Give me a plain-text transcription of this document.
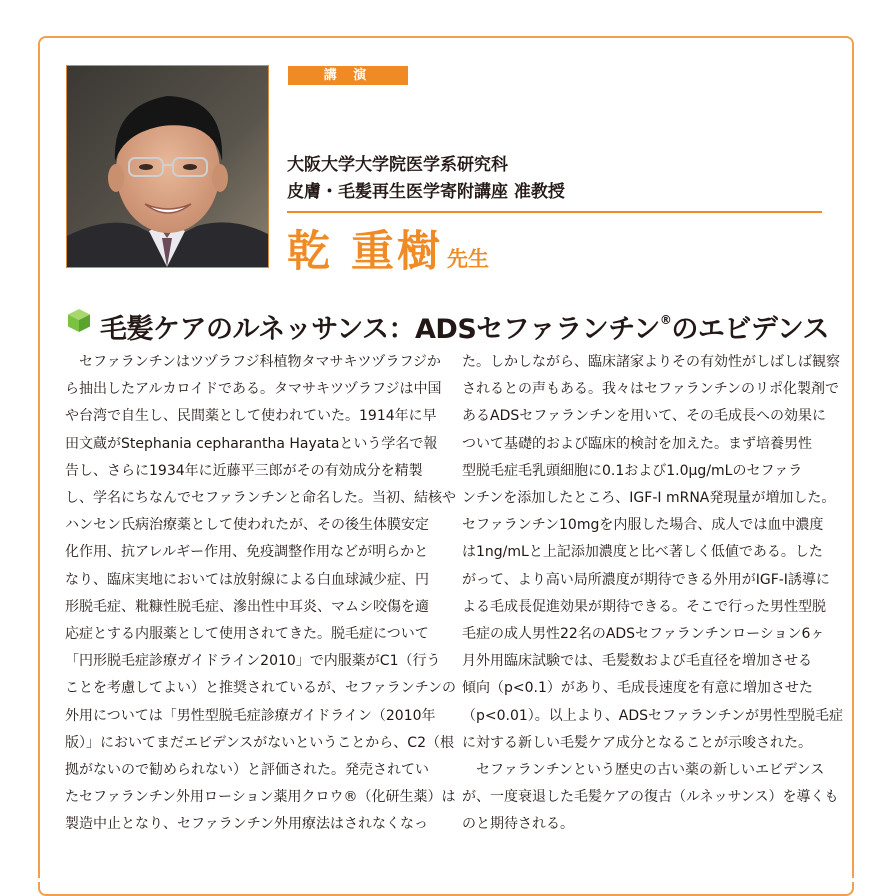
講 演
大阪大学大学院医学系研究科
皮膚・毛髪再生医学寄附講座 准教授
乾 重樹 先生
毛髪ケアのルネッサンス：ADSセファランチン®のエビデンス

　セファランチンはツヅラフジ科植物タマサキツヅラフジか

ら抽出したアルカロイドである。タマサキツヅラフジは中国

や台湾で自生し、民間薬として使われていた。1914年に早

田文蔵がStephania cepharantha Hayataという学名で報

告し、さらに1934年に近藤平三郎がその有効成分を精製

し、学名にちなんでセファランチンと命名した。当初、結核や

ハンセン氏病治療薬として使われたが、その後生体膜安定

化作用、抗アレルギー作用、免疫調整作用などが明らかと

なり、臨床実地においては放射線による白血球減少症、円

形脱毛症、粃糠性脱毛症、滲出性中耳炎、マムシ咬傷を適

応症とする内服薬として使用されてきた。脱毛症について

「円形脱毛症診療ガイドライン2010」で内服薬がC1（行う

ことを考慮してよい）と推奨されているが、セファランチンの

外用については「男性型脱毛症診療ガイドライン（2010年

版）」においてまだエビデンスがないということから、C2（根

拠がないので勧められない）と評価された。発売されてい

たセファランチン外用ローション薬用クロウ®（化研生薬）は

製造中止となり、セファランチン外用療法はされなくなっ

た。しかしながら、臨床諸家よりその有効性がしばしば観察

されるとの声もある。我々はセファランチンのリポ化製剤で

あるADSセファランチンを用いて、その毛成長への効果に

ついて基礎的および臨床的検討を加えた。まず培養男性

型脱毛症毛乳頭細胞に0.1および1.0μg/mLのセファラ

ンチンを添加したところ、IGF-I mRNA発現量が増加した。

セファランチン10mgを内服した場合、成人では血中濃度

は1ng/mLと上記添加濃度と比べ著しく低値である。した

がって、より高い局所濃度が期待できる外用がIGF-I誘導に

よる毛成長促進効果が期待できる。そこで行った男性型脱

毛症の成人男性22名のADSセファランチンローション6ヶ

月外用臨床試験では、毛髪数および毛直径を増加させる

傾向（p<0.1）があり、毛成長速度を有意に増加させた

（p<0.01）。以上より、ADSセファランチンが男性型脱毛症

に対する新しい毛髪ケア成分となることが示唆された。

　セファランチンという歴史の古い薬の新しいエビデンス

が、一度衰退した毛髪ケアの復古（ルネッサンス）を導くも

のと期待される。
